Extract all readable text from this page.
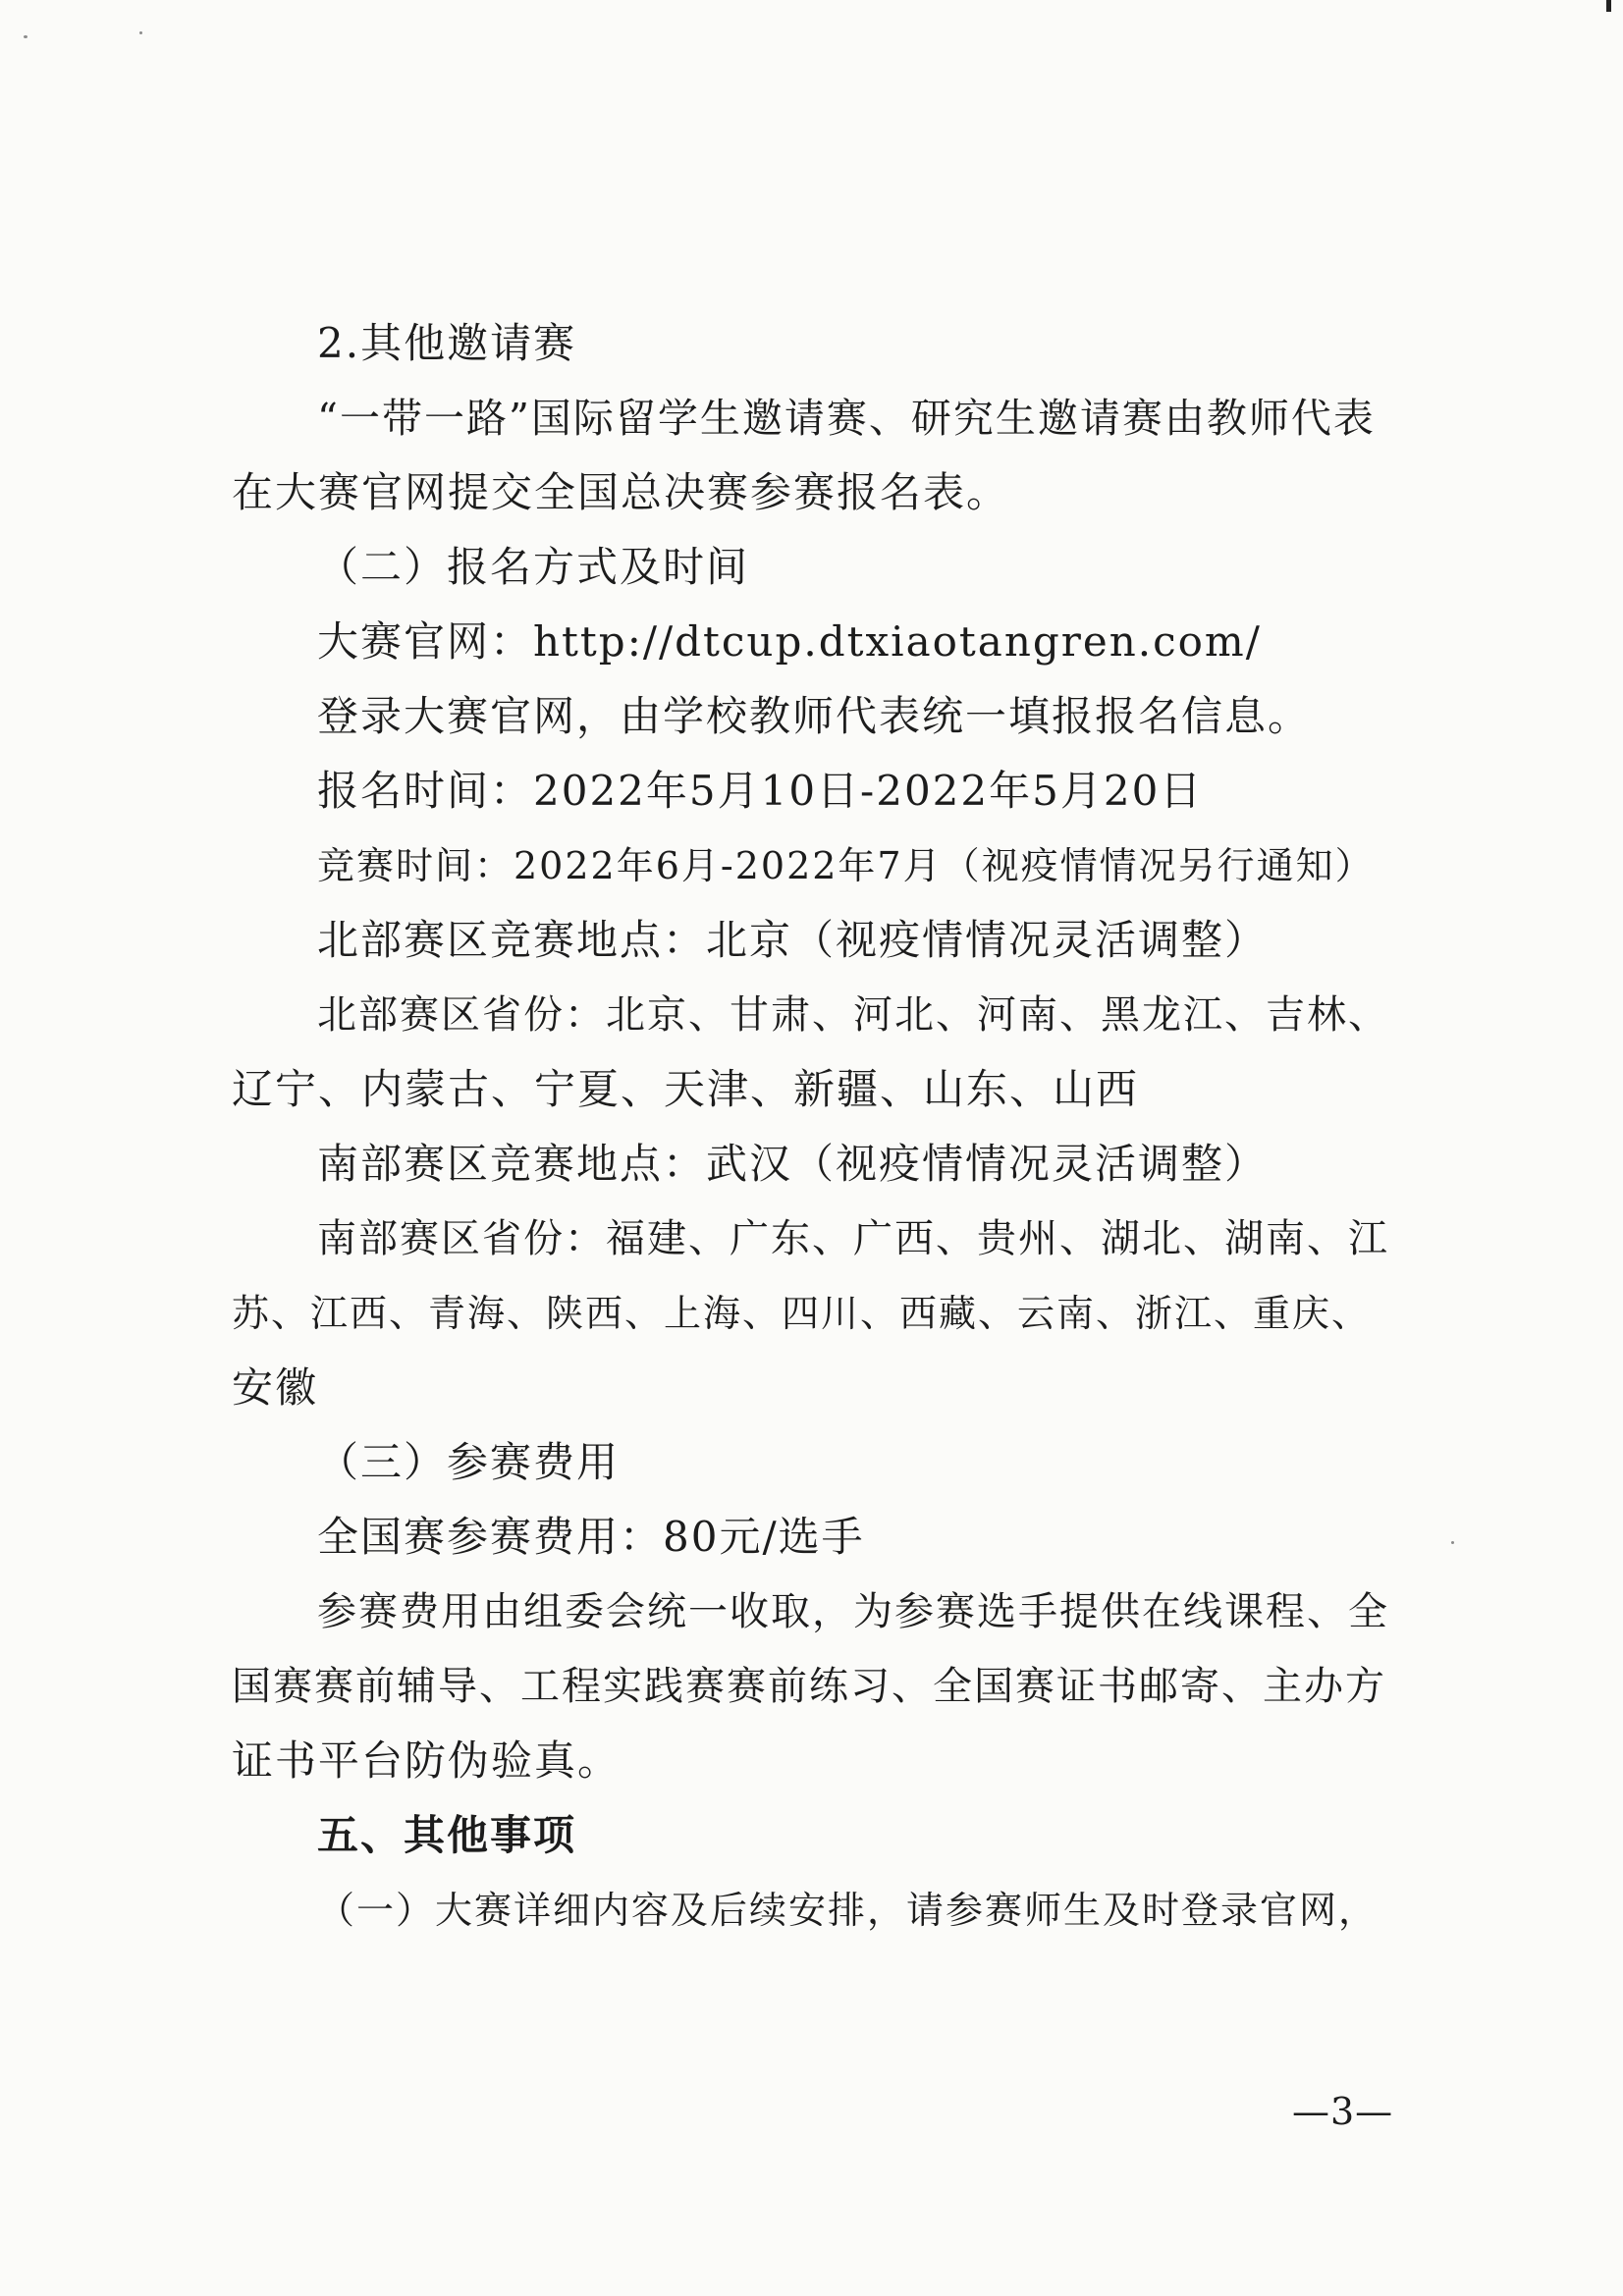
2.其他邀请赛
“一带一路”国际留学生邀请赛、研究生邀请赛由教师代表
在大赛官网提交全国总决赛参赛报名表。
（二）报名方式及时间
大赛官网：http://dtcup.dtxiaotangren.com/
登录大赛官网，由学校教师代表统一填报报名信息。
报名时间：2022年5月10日-2022年5月20日
竞赛时间：2022年6月-2022年7月（视疫情情况另行通知）
北部赛区竞赛地点：北京（视疫情情况灵活调整）
北部赛区省份：北京、甘肃、河北、河南、黑龙江、吉林、
辽宁、内蒙古、宁夏、天津、新疆、山东、山西
南部赛区竞赛地点：武汉（视疫情情况灵活调整）
南部赛区省份：福建、广东、广西、贵州、湖北、湖南、江
苏、江西、青海、陕西、上海、四川、西藏、云南、浙江、重庆、
安徽
（三）参赛费用
全国赛参赛费用：80元/选手
参赛费用由组委会统一收取，为参赛选手提供在线课程、全
国赛赛前辅导、工程实践赛赛前练习、全国赛证书邮寄、主办方
证书平台防伪验真。
五、其他事项
（一）大赛详细内容及后续安排，请参赛师生及时登录官网，
—3—
